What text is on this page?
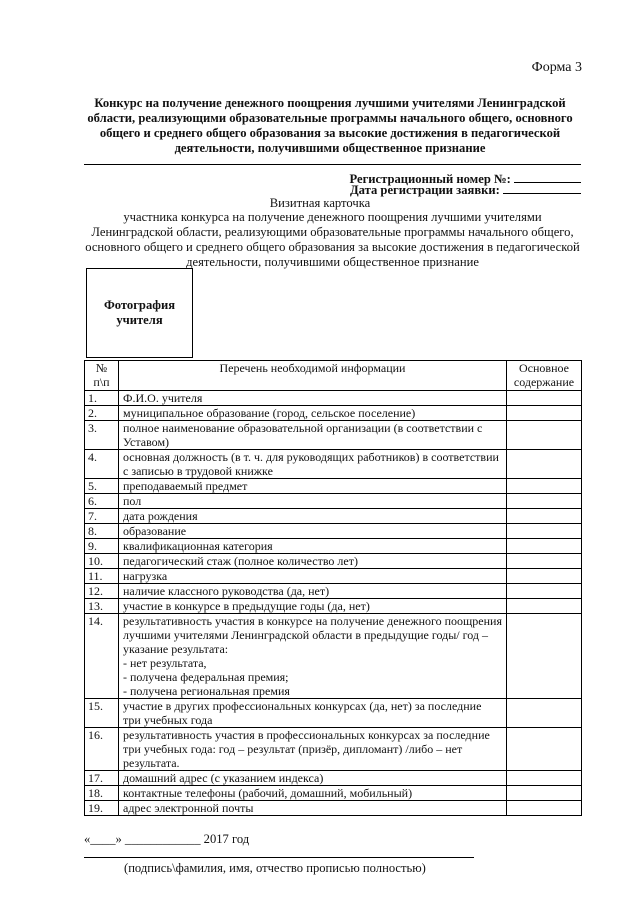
Форма 3
Конкурс на получение денежного поощрения лучшими учителями Ленинградской области, реализующими образовательные программы начального общего, основного общего и среднего общего образования за высокие достижения в педагогической деятельности, получившими общественное признание
Регистрационный номер №:
Дата регистрации заявки:
Визитная карточка
участника конкурса на получение денежного поощрения лучшими учителями Ленинградской области, реализующими образовательные программы начального общего, основного общего и среднего общего образования за высокие достижения в педагогической деятельности, получившими общественное признание
Фотография учителя
№ п\п	Перечень необходимой информации	Основное содержание
1.	Ф.И.О. учителя	

2.	муниципальное образование (город, сельское поселение)	

3.	полное наименование образовательной организации (в соответствии с Уставом)	

4.	основная должность (в т. ч. для руководящих работников) в соответствии с записью в трудовой книжке	

5.	преподаваемый предмет	

6.	пол	

7.	дата рождения	

8.	образование	

9.	квалификационная категория	

10.	педагогический стаж (полное количество лет)	

11.	нагрузка	

12.	наличие классного руководства (да, нет)	

13.	участие в конкурсе в предыдущие годы (да, нет)	

14.	результативность участия в конкурсе на получение денежного поощрения лучшими учителями Ленинградской области в предыдущие годы/ год – указание результата:
- нет результата,
- получена федеральная премия;
- получена региональная премия	

15.	участие в других профессиональных конкурсах (да, нет) за последние три учебных года	

16.	результативность участия в профессиональных конкурсах за последние три учебных года: год – результат (призёр, дипломант) /либо – нет результата.	

17.	домашний адрес (с указанием индекса)	

18.	контактные телефоны (рабочий, домашний, мобильный)	

19.	адрес электронной почты	

«____» ____________ 2017 год
(подпись\фамилия, имя, отчество прописью полностью)
